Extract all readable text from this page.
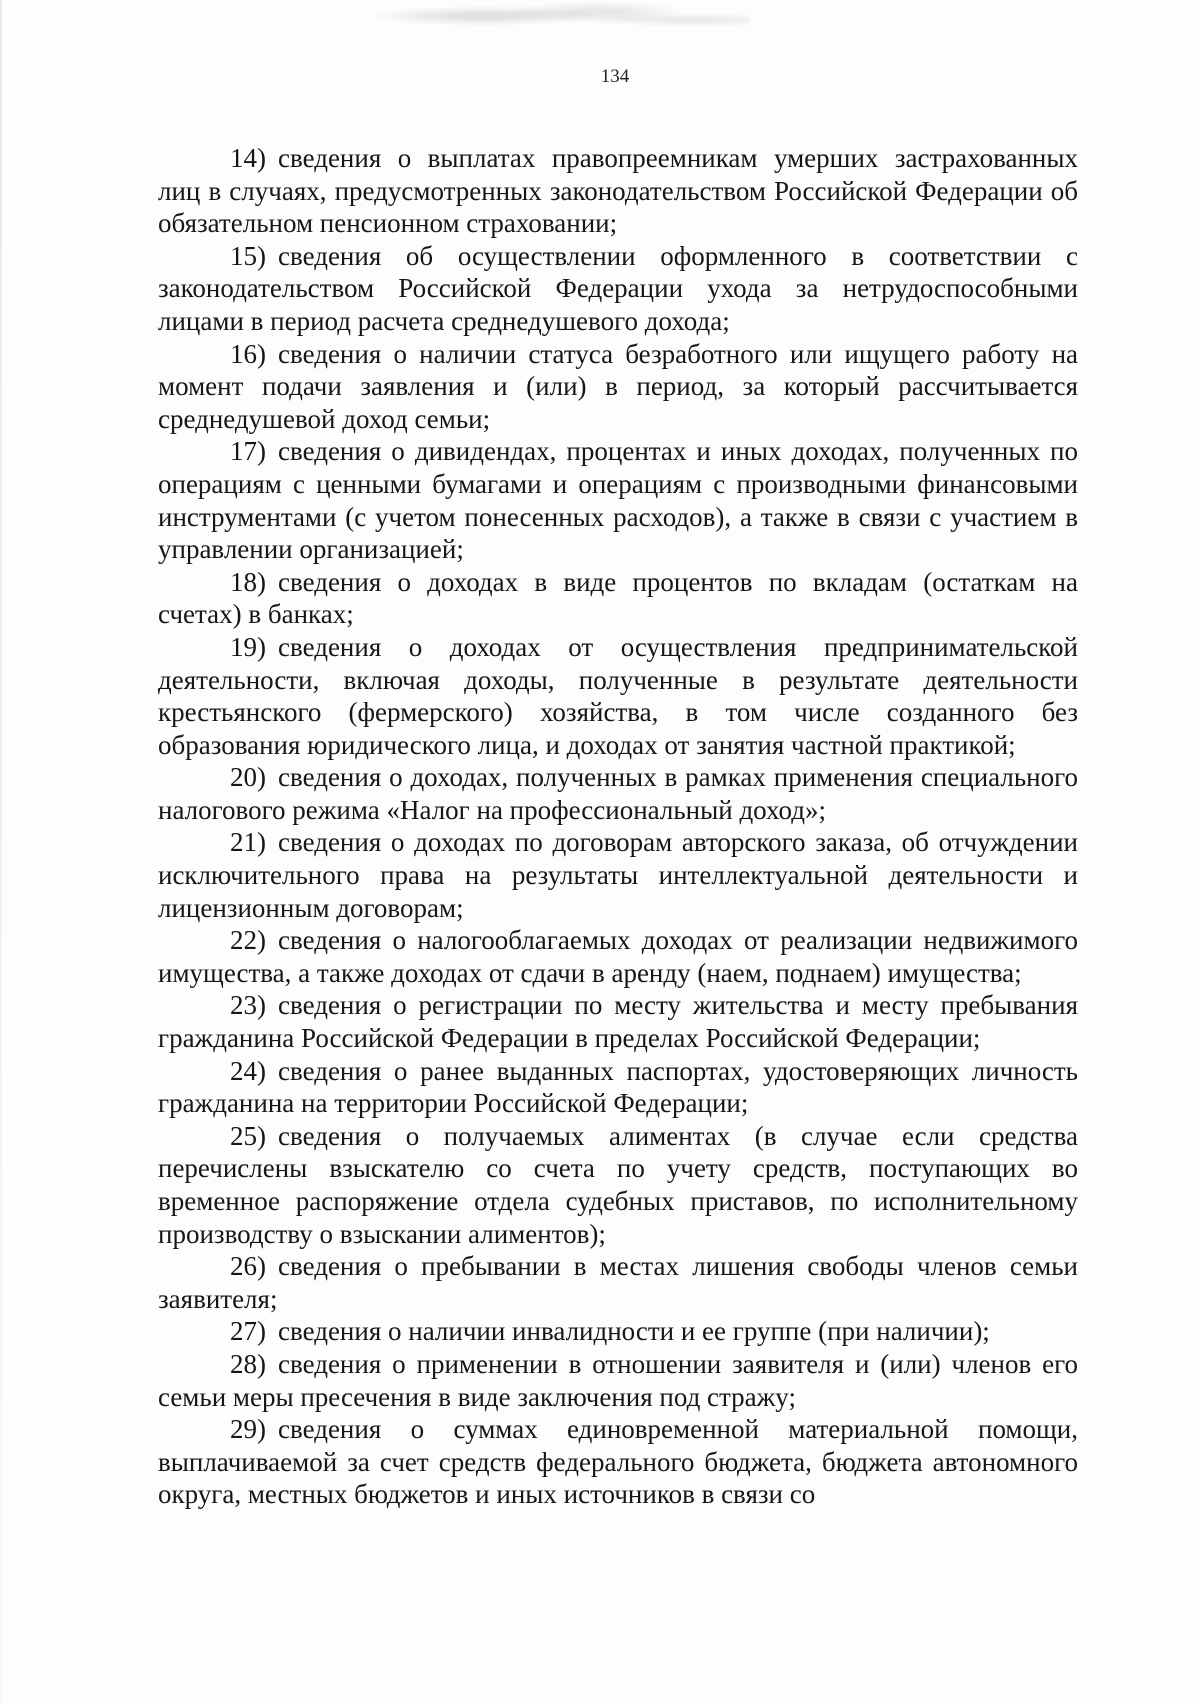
134

14) сведения о выплатах правопреемникам умерших застрахованных лиц в случаях, предусмотренных законодательством Российской Федерации об обязательном пенсионном страховании;

15) сведения об осуществлении оформленного в соответствии с законодательством Российской Федерации ухода за нетрудоспособными лицами в период расчета среднедушевого дохода;

16) сведения о наличии статуса безработного или ищущего работу на момент подачи заявления и (или) в период, за который рассчитывается среднедушевой доход семьи;

17) сведения о дивидендах, процентах и иных доходах, полученных по операциям с ценными бумагами и операциям с производными финансовыми инструментами (с учетом понесенных расходов), а также в связи с участием в управлении организацией;

18) сведения о доходах в виде процентов по вкладам (остаткам на счетах) в банках;

19) сведения о доходах от осуществления предпринимательской деятельности, включая доходы, полученные в результате деятельности крестьянского (фермерского) хозяйства, в том числе созданного без образования юридического лица, и доходах от занятия частной практикой;

20) сведения о доходах, полученных в рамках применения специального налогового режима «Налог на профессиональный доход»;

21) сведения о доходах по договорам авторского заказа, об отчуждении исключительного права на результаты интеллектуальной деятельности и лицензионным договорам;

22) сведения о налогооблагаемых доходах от реализации недвижимого имущества, а также доходах от сдачи в аренду (наем, поднаем) имущества;

23) сведения о регистрации по месту жительства и месту пребывания гражданина Российской Федерации в пределах Российской Федерации;

24) сведения о ранее выданных паспортах, удостоверяющих личность гражданина на территории Российской Федерации;

25) сведения о получаемых алиментах (в случае если средства перечислены взыскателю со счета по учету средств, поступающих во временное распоряжение отдела судебных приставов, по исполнительному производству о взыскании алиментов);

26) сведения о пребывании в местах лишения свободы членов семьи заявителя;

27) сведения о наличии инвалидности и ее группе (при наличии);

28) сведения о применении в отношении заявителя и (или) членов его семьи меры пресечения в виде заключения под стражу;

29) сведения о суммах единовременной материальной помощи, выплачиваемой за счет средств федерального бюджета, бюджета автономного округа, местных бюджетов и иных источников в связи со
